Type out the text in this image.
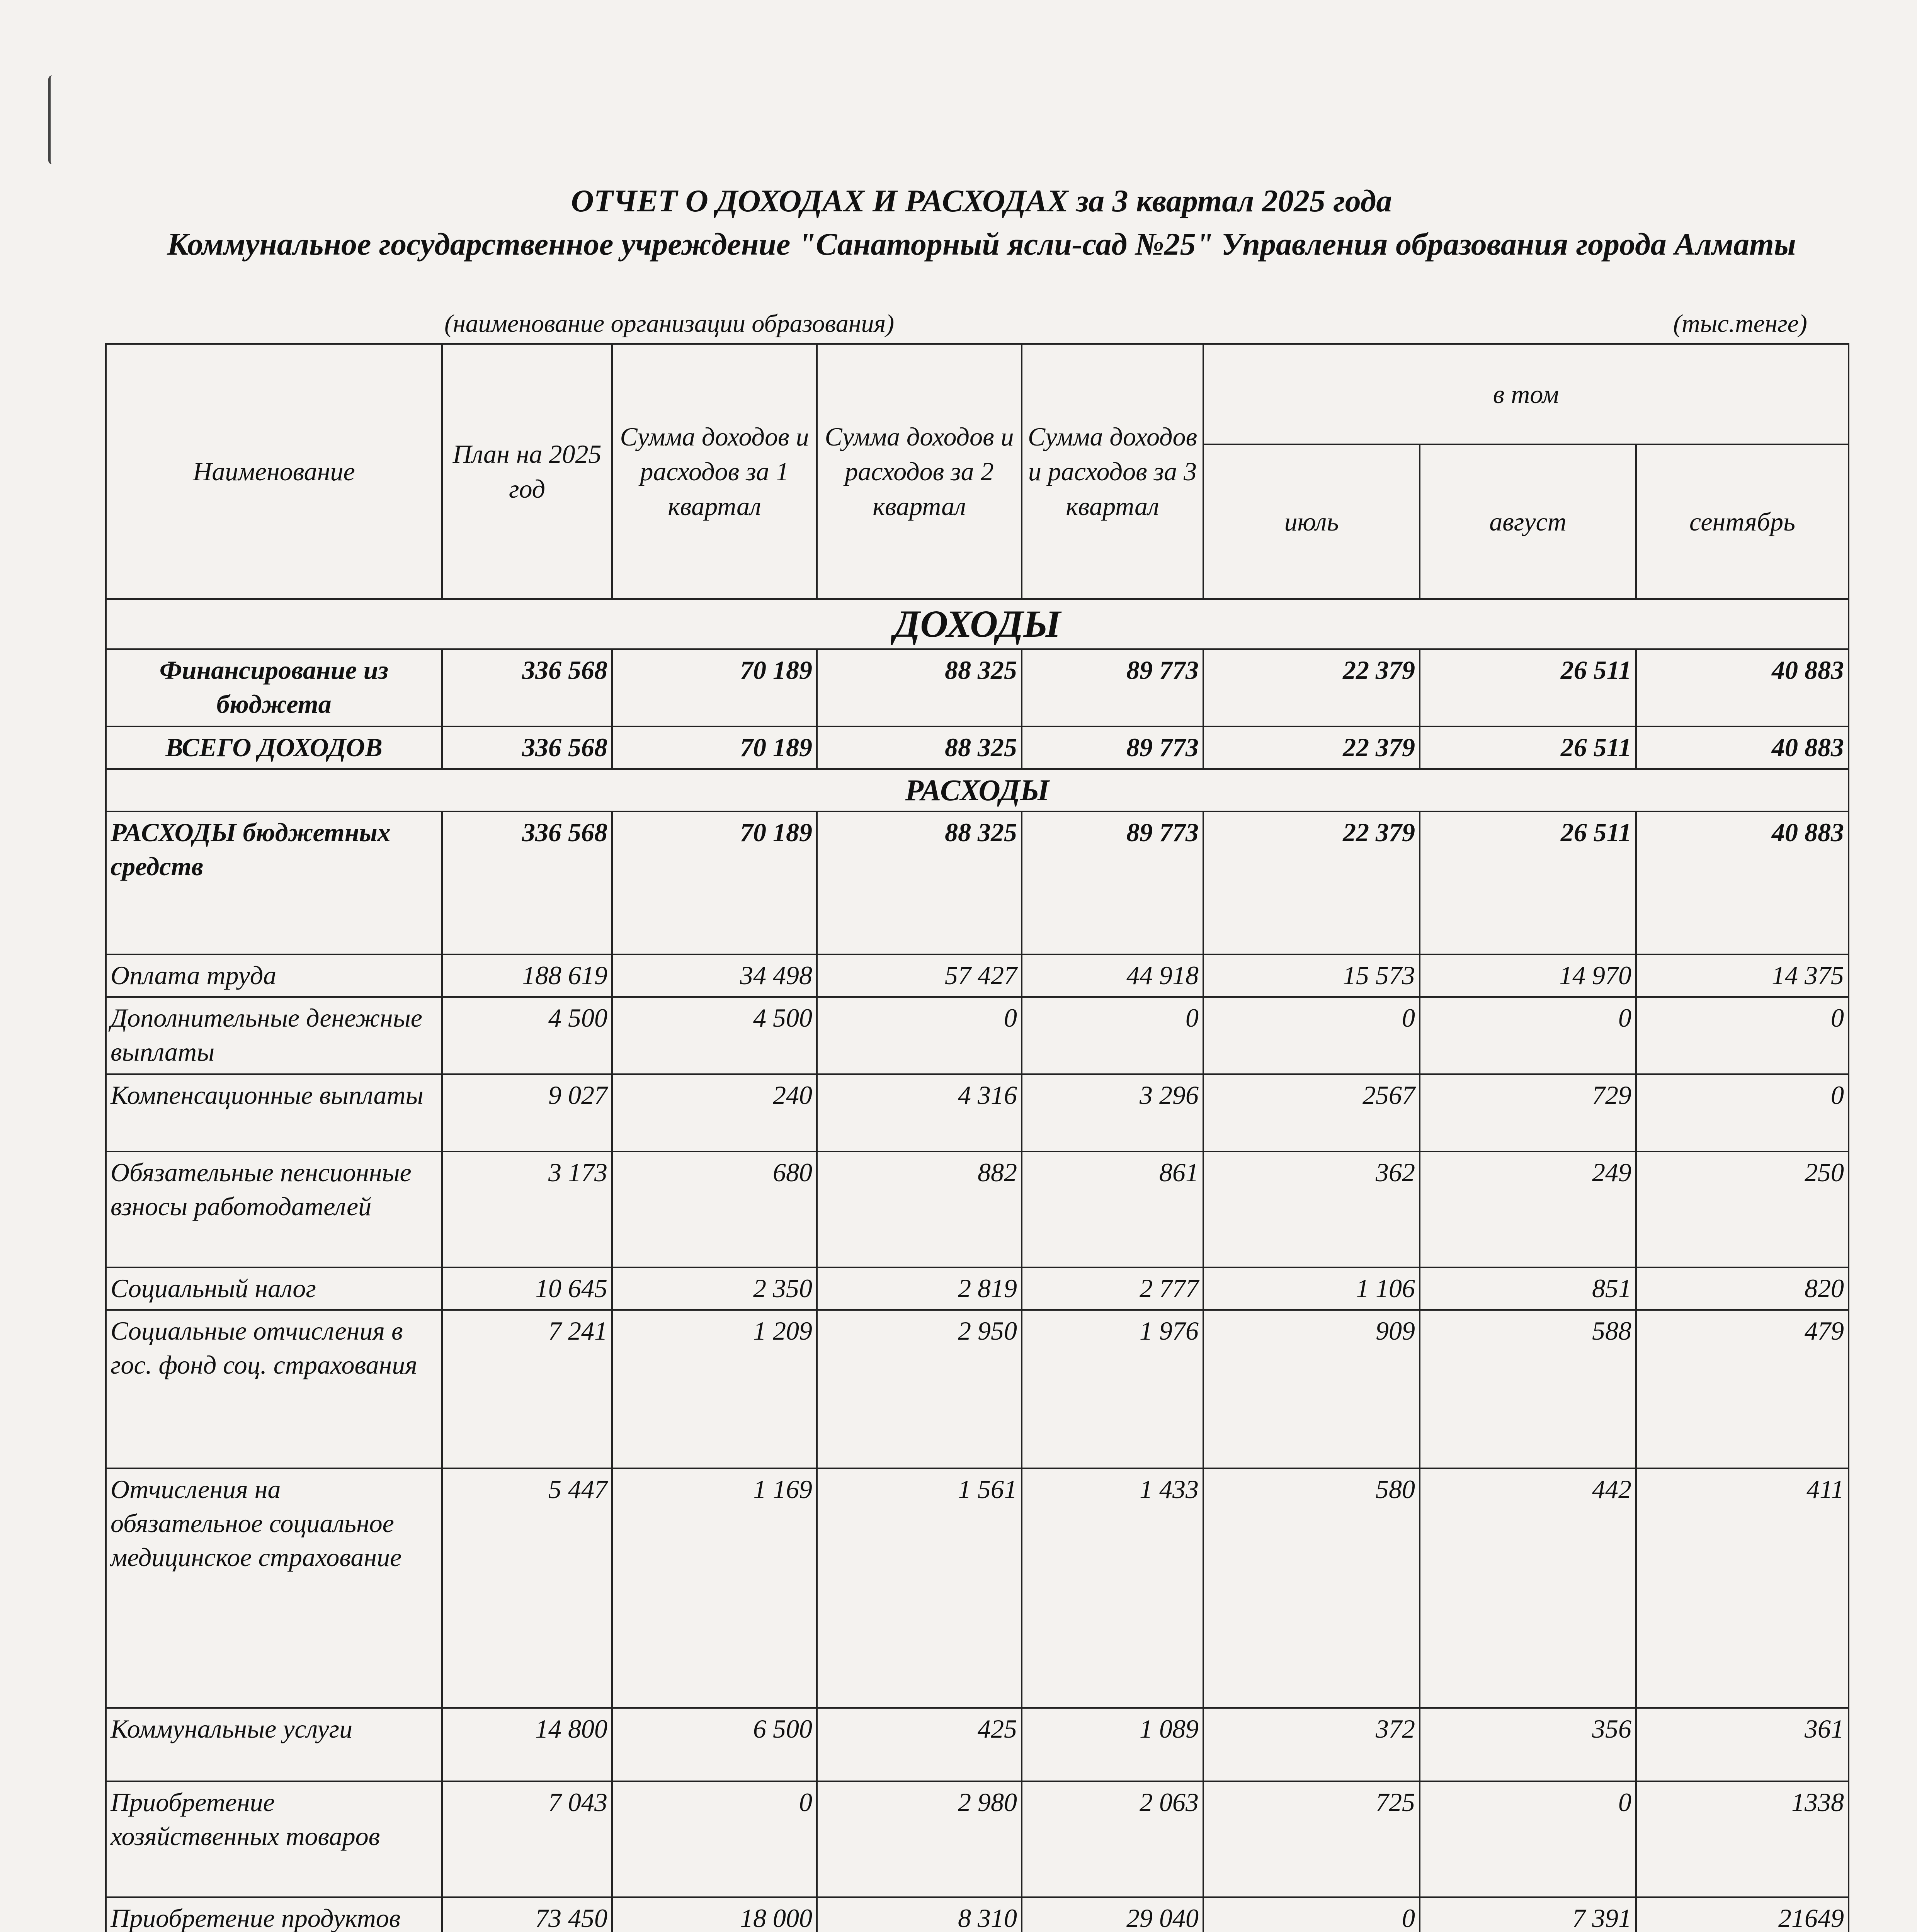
ОТЧЕТ О ДОХОДАХ И РАСХОДАХ за 3 квартал 2025 года
Коммунальное государственное учреждение "Санаторный ясли-сад №25" Управления образования города Алматы
(наименование организации образования)	(тыс.тенге)
Наименование	План на 2025 год	Сумма доходов и расходов за 1 квартал	Сумма доходов и расходов за 2 квартал	Сумма доходов и расходов за 3 квартал	в том		
					июль	август	сентябрь
ДОХОДЫ							
Финансирование из бюджета	336 568	70 189	88 325	89 773	22 379	26 511	40 883
ВСЕГО ДОХОДОВ	336 568	70 189	88 325	89 773	22 379	26 511	40 883
РАСХОДЫ							
РАСХОДЫ бюджетных средств	336 568	70 189	88 325	89 773	22 379	26 511	40 883
Оплата труда	188 619	34 498	57 427	44 918	15 573	14 970	14 375
Дополнительные денежные выплаты	4 500	4 500	0	0	0	0	0
Компенсационные выплаты	9 027	240	4 316	3 296	2567	729	0
Обязательные пенсионные взносы работодателей	3 173	680	882	861	362	249	250
Социальный налог	10 645	2 350	2 819	2 777	1 106	851	820
Социальные отчисления в гос. фонд соц. страхования	7 241	1 209	2 950	1 976	909	588	479
Отчисления на обязательное социальное медицинское страхование	5 447	1 169	1 561	1 433	580	442	411
Коммунальные услуги	14 800	6 500	425	1 089	372	356	361
Приобретение хозяйственных товаров	7 043	0	2 980	2 063	725	0	1338
Приобретение продуктов	73 450	18 000	8 310	29 040	0	7 391	21649
